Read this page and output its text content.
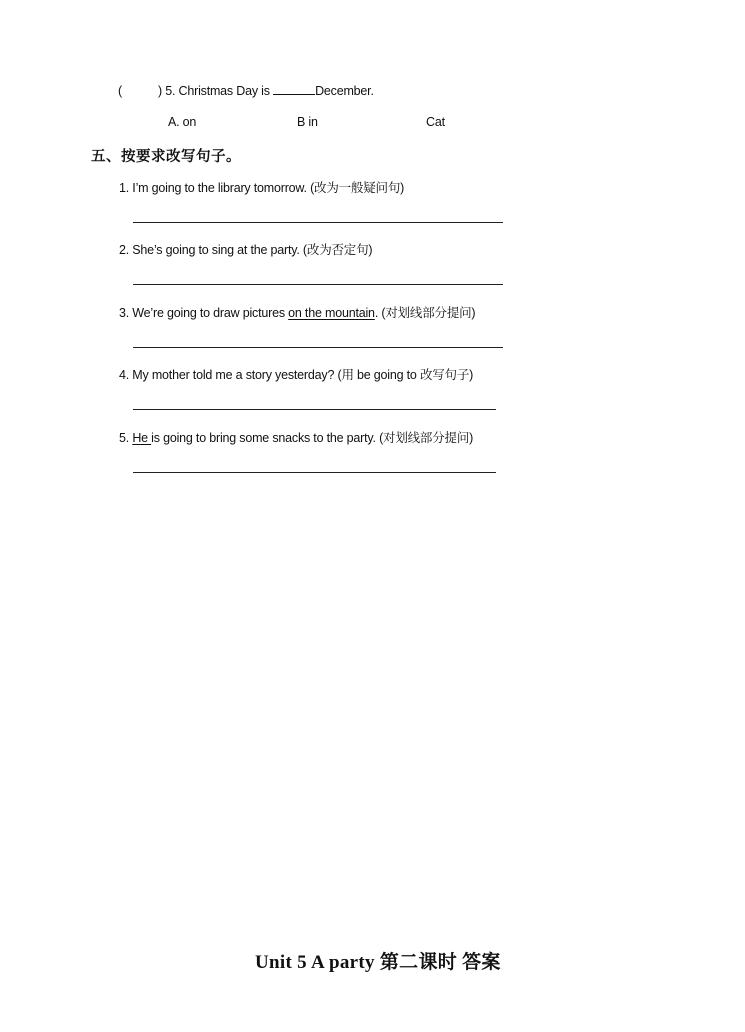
(	) 5. Christmas Day is	December.
A. on	B in	Cat
五、按要求改写句子。
1. I’m going to the library tomorrow. (改为一般疑问句)
2. She’s going to sing at the party. (改为否定句)
3. We’re going to draw pictures on the mountain. (对划线部分提问)
4. My mother told me a story yesterday? (用 be going to 改写句子)
5. He is going to bring some snacks to the party. (对划线部分提问)
Unit 5 A party 第二课时 答案
